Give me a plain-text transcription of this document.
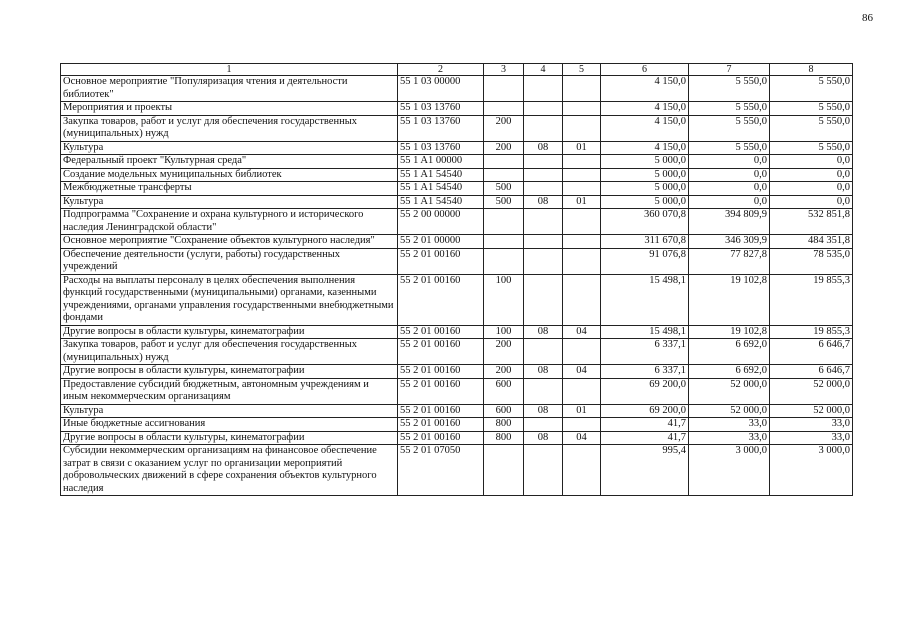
86
1	2	3	4	5	6	7	8
Основное мероприятие "Популяризация чтения и деятельности библиотек"	55 1 03 00000				4 150,0	5 550,0	5 550,0
Мероприятия и проекты	55 1 03 13760				4 150,0	5 550,0	5 550,0
Закупка товаров, работ и услуг для обеспечения государственных (муниципальных) нужд	55 1 03 13760	200			4 150,0	5 550,0	5 550,0
Культура	55 1 03 13760	200	08	01	4 150,0	5 550,0	5 550,0
Федеральный проект "Культурная среда"	55 1 A1 00000				5 000,0	0,0	0,0
Создание модельных муниципальных библиотек	55 1 A1 54540				5 000,0	0,0	0,0
Межбюджетные трансферты	55 1 A1 54540	500			5 000,0	0,0	0,0
Культура	55 1 A1 54540	500	08	01	5 000,0	0,0	0,0
Подпрограмма "Сохранение и охрана культурного и исторического наследия Ленинградской области"	55 2 00 00000				360 070,8	394 809,9	532 851,8
Основное мероприятие "Сохранение объектов культурного наследия"	55 2 01 00000				311 670,8	346 309,9	484 351,8
Обеспечение деятельности (услуги, работы) государственных учреждений	55 2 01 00160				91 076,8	77 827,8	78 535,0
Расходы на выплаты персоналу в целях обеспечения выполнения функций государственными (муниципальными) органами, казенными учреждениями, органами управления государственными внебюджетными фондами	55 2 01 00160	100			15 498,1	19 102,8	19 855,3
Другие вопросы в области культуры, кинематографии	55 2 01 00160	100	08	04	15 498,1	19 102,8	19 855,3
Закупка товаров, работ и услуг для обеспечения государственных (муниципальных) нужд	55 2 01 00160	200			6 337,1	6 692,0	6 646,7
Другие вопросы в области культуры, кинематографии	55 2 01 00160	200	08	04	6 337,1	6 692,0	6 646,7
Предоставление субсидий бюджетным, автономным учреждениям и иным некоммерческим организациям	55 2 01 00160	600			69 200,0	52 000,0	52 000,0
Культура	55 2 01 00160	600	08	01	69 200,0	52 000,0	52 000,0
Иные бюджетные ассигнования	55 2 01 00160	800			41,7	33,0	33,0
Другие вопросы в области культуры, кинематографии	55 2 01 00160	800	08	04	41,7	33,0	33,0
Субсидии некоммерческим организациям на финансовое обеспечение затрат в связи с оказанием услуг по организации мероприятий добровольческих движений в сфере сохранения объектов культурного наследия	55 2 01 07050				995,4	3 000,0	3 000,0
